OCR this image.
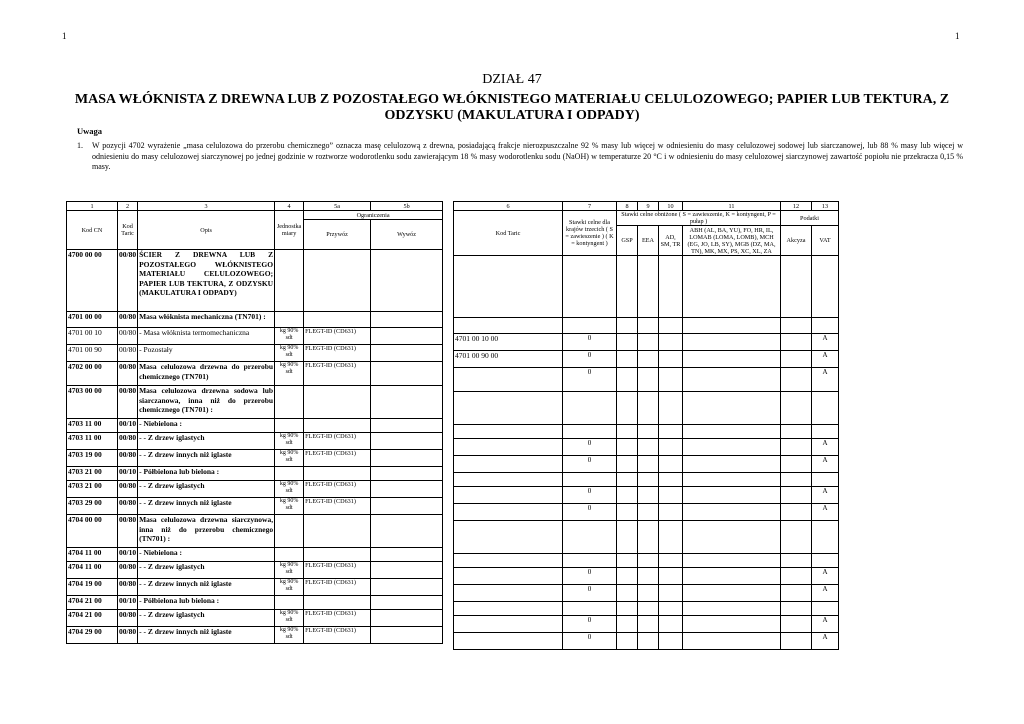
1	1
DZIAŁ 47
MASA WŁÓKNISTA Z DREWNA LUB Z POZOSTAŁEGO WŁÓKNISTEGO MATERIAŁU CELULOZOWEGO; PAPIER LUB TEKTURA, Z ODZYSKU (MAKULATURA I ODPADY)
Uwaga
1.	W pozycji 4702 wyrażenie „masa celulozowa do przerobu chemicznego” oznacza masę celulozową z drewna, posiadającą frakcje nierozpuszczalne 92 % masy lub więcej w odniesieniu do masy celulozowej sodowej lub siarczanowej, lub 88 % masy lub więcej w odniesieniu do masy celulozowej siarczynowej po jednej godzinie w roztworze wodorotlenku sodu zawierającym 18 % masy wodorotlenku sodu (NaOH) w temperaturze 20 °C i w odniesieniu do masy celulozowej siarczynowej zawartość popiołu nie przekracza 0,15 % masy.
1	2	3	4	5a	5b
Kod CN	Kod Taric	Opis	Jednostka miary	Ograniczenia	
				Przywóz	Wywóz
4700 00 00	00/80	ŚCIER Z DREWNA LUB Z POZOSTAŁEGO WŁÓKNISTEGO MATERIAŁU CELULOZOWEGO; PAPIER LUB TEKTURA, Z ODZYSKU (MAKULATURA I ODPADY)			
4701 00 00	00/80	Masa włóknista mechaniczna (TN701) :			
4701 00 10	00/80	- Masa włóknista termomechaniczna	kg 90% sdt	FLEGT-ID (CD631)	
4701 00 90	00/80	- Pozostały	kg 90% sdt	FLEGT-ID (CD631)	
4702 00 00	00/80	Masa celulozowa drzewna do przerobu chemicznego (TN701)	kg 90% sdt	FLEGT-ID (CD631)	
4703 00 00	00/80	Masa celulozowa drzewna sodowa lub siarczanowa, inna niż do przerobu chemicznego (TN701) :			
4703 11 00	00/10	- Niebielona :			
4703 11 00	00/80	- - Z drzew iglastych	kg 90% sdt	FLEGT-ID (CD631)	
4703 19 00	00/80	- - Z drzew innych niż iglaste	kg 90% sdt	FLEGT-ID (CD631)	
4703 21 00	00/10	- Półbielona lub bielona :			
4703 21 00	00/80	- - Z drzew iglastych	kg 90% sdt	FLEGT-ID (CD631)	
4703 29 00	00/80	- - Z drzew innych niż iglaste	kg 90% sdt	FLEGT-ID (CD631)	
4704 00 00	00/80	Masa celulozowa drzewna siarczynowa, inna niż do przerobu chemicznego (TN701) :			
4704 11 00	00/10	- Niebielona :			
4704 11 00	00/80	- - Z drzew iglastych	kg 90% sdt	FLEGT-ID (CD631)	
4704 19 00	00/80	- - Z drzew innych niż iglaste	kg 90% sdt	FLEGT-ID (CD631)	
4704 21 00	00/10	- Półbielona lub bielona :			
4704 21 00	00/80	- - Z drzew iglastych	kg 90% sdt	FLEGT-ID (CD631)	
4704 29 00	00/80	- - Z drzew innych niż iglaste	kg 90% sdt	FLEGT-ID (CD631)	
6	7	8	9	10	11	12	13
Kod Taric	Stawki celne dla krajów trzecich ( S = zawieszenie ) ( K = kontyngent )	Stawki celne obniżone ( S = zawieszenie, K = kontyngent, P = pułap )				Podatki	
		GSP	EEA	AD, SM, TR	ABH (AL, BA, YU), FO, HR, IL, LOMAB (LOMA, LOMB), MCH (EG, JO, LB, SY), MGB (DZ, MA, TN), MK, MX, PS, XC, XL, ZA	Akcyza	VAT

4701 00 10 00	0						A
4701 00 90 00	0						A
	0						A

	0						A
	0						A

	0						A
	0						A

	0						A
	0						A

	0						A
	0						A
